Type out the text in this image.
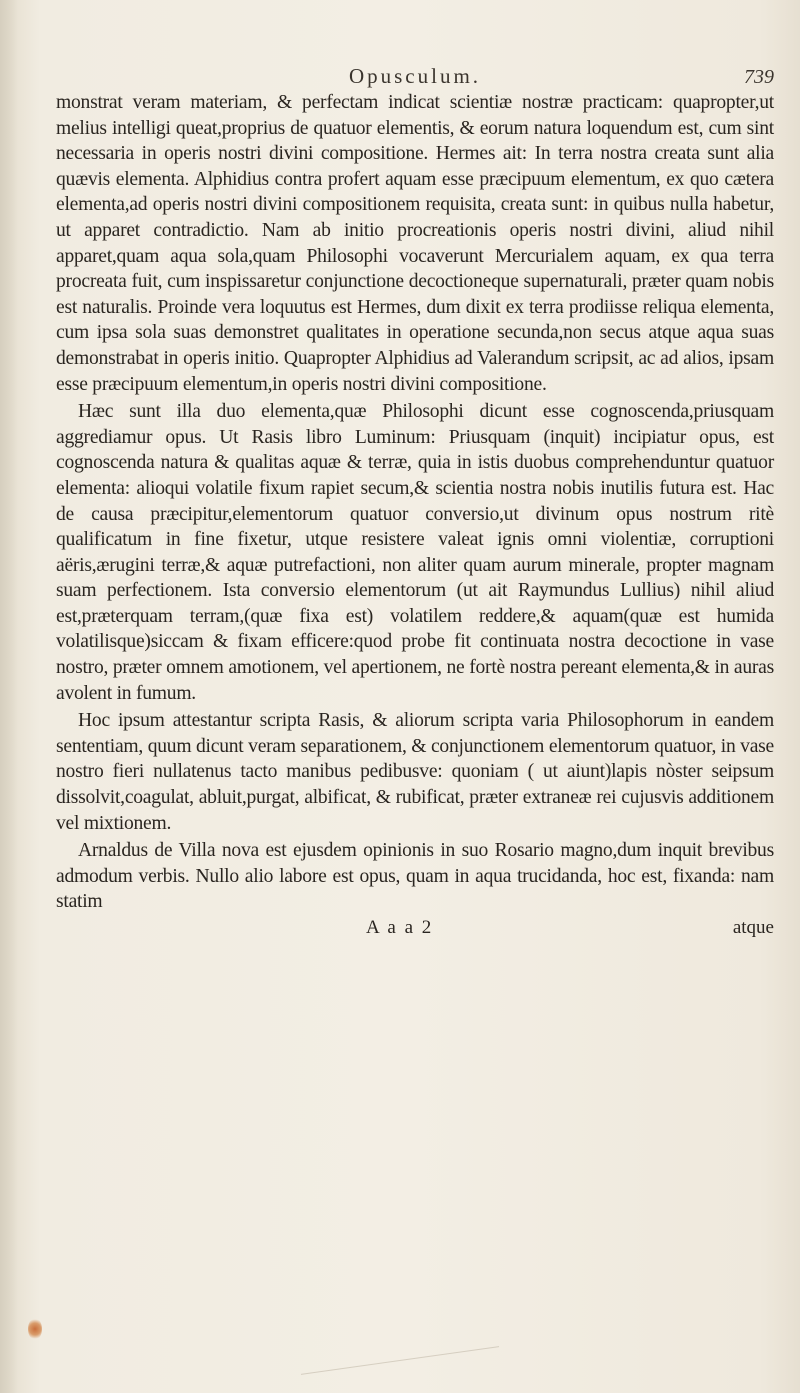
Opusculum.	739

monstrat veram materiam, & perfectam indicat scientiæ nostræ practicam: quapropter,ut melius intelligi queat,proprius de quatuor elementis, & eorum natura loquendum est, cum sint necessaria in operis nostri divini compositione. Hermes ait: In terra nostra creata sunt alia quævis elementa. Alphidius contra profert aquam esse præcipuum elementum, ex quo cætera elementa,ad operis nostri divini compositionem requisita, creata sunt: in quibus nulla habetur, ut apparet contradictio. Nam ab initio procreationis operis nostri divini, aliud nihil apparet,quam aqua sola,quam Philosophi vocaverunt Mercurialem aquam, ex qua terra procreata fuit, cum inspissaretur conjunctione decoctioneque supernaturali, præter quam nobis est naturalis. Proinde vera loquutus est Hermes, dum dixit ex terra prodiisse reliqua elementa, cum ipsa sola suas demonstret qualitates in operatione secunda,non secus atque aqua suas demonstrabat in operis initio. Quapropter Alphidius ad Valerandum scripsit, ac ad alios, ipsam esse præcipuum elementum,in operis nostri divini compositione.

Hæc sunt illa duo elementa,quæ Philosophi dicunt esse cognoscenda,priusquam aggrediamur opus. Ut Rasis libro Luminum: Priusquam (inquit) incipiatur opus, est cognoscenda natura & qualitas aquæ & terræ, quia in istis duobus comprehenduntur quatuor elementa: alioqui volatile fixum rapiet secum,& scientia nostra nobis inutilis futura est. Hac de causa præcipitur,elementorum quatuor conversio,ut divinum opus nostrum ritè qualificatum in fine fixetur, utque resistere valeat ignis omni violentiæ, corruptioni aëris,ærugini terræ,& aquæ putrefactioni, non aliter quam aurum minerale, propter magnam suam perfectionem. Ista conversio elementorum (ut ait Raymundus Lullius) nihil aliud est,præterquam terram,(quæ fixa est) volatilem reddere,& aquam(quæ est humida volatilisque)siccam & fixam efficere:quod probe fit continuata nostra decoctione in vase nostro, præter omnem amotionem, vel apertionem, ne fortè nostra pereant elementa,& in auras avolent in fumum.

Hoc ipsum attestantur scripta Rasis, & aliorum scripta varia Philosophorum in eandem sententiam, quum dicunt veram separationem, & conjunctionem elementorum quatuor, in vase nostro fieri nullatenus tacto manibus pedibusve: quoniam ( ut aiunt)lapis nòster seipsum dissolvit,coagulat, abluit,purgat, albificat, & rubificat, præter extraneæ rei cujusvis additionem vel mixtionem.

Arnaldus de Villa nova est ejusdem opinionis in suo Rosario magno,dum inquit brevibus admodum verbis. Nullo alio labore est opus, quam in aqua trucidanda, hoc est, fixanda: nam statim

A a a 2	atque
